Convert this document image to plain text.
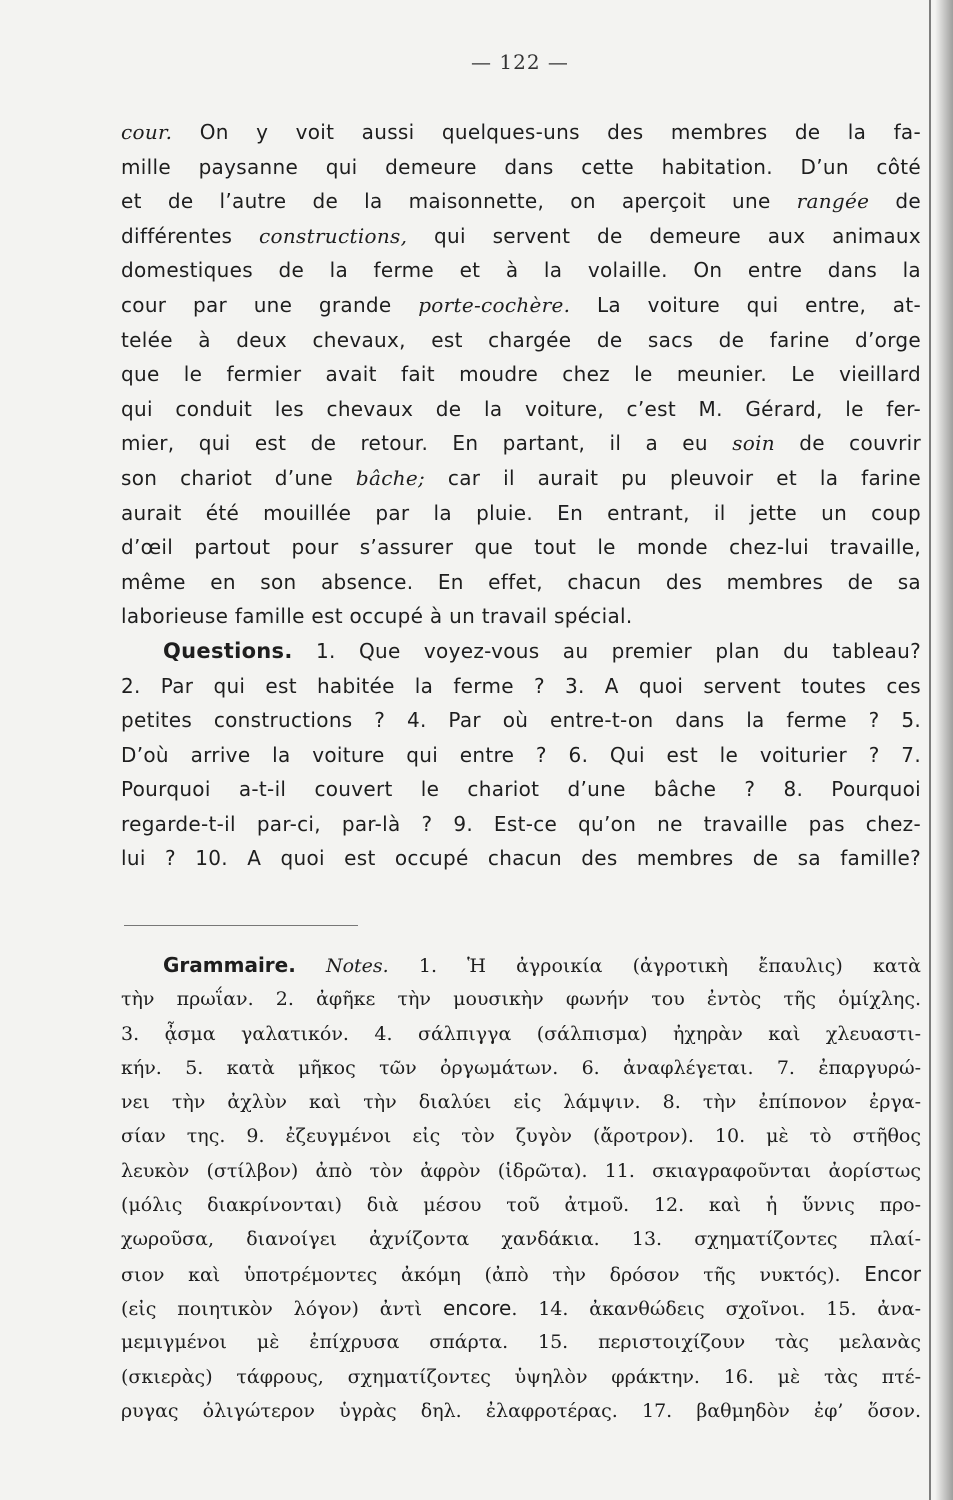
— 122 —
cour. On y voit aussi quelques-uns des membres de la fa-
mille paysanne qui demeure dans cette habitation. D’un côté
et de l’autre de la maisonnette, on aperçoit une rangée de
différentes constructions, qui servent de demeure aux animaux
domestiques de la ferme et à la volaille. On entre dans la
cour par une grande porte-cochère. La voiture qui entre, at-
telée à deux chevaux, est chargée de sacs de farine d’orge
que le fermier avait fait moudre chez le meunier. Le vieillard
qui conduit les chevaux de la voiture, c’est M. Gérard, le fer-
mier, qui est de retour. En partant, il a eu soin de couvrir
son chariot d’une bâche; car il aurait pu pleuvoir et la farine
aurait été mouillée par la pluie. En entrant, il jette un coup
d’œil partout pour s’assurer que tout le monde chez-lui travaille,
même en son absence. En effet, chacun des membres de sa
laborieuse famille est occupé à un travail spécial.
Questions. 1. Que voyez-vous au premier plan du tableau?
2. Par qui est habitée la ferme ? 3. A quoi servent toutes ces
petites constructions ? 4. Par où entre-t-on dans la ferme ? 5.
D’où arrive la voiture qui entre ? 6. Qui est le voiturier ? 7.
Pourquoi a-t-il couvert le chariot d’une bâche ? 8. Pourquoi
regarde-t-il par-ci, par-là ? 9. Est-ce qu’on ne travaille pas chez-
lui ? 10. A quoi est occupé chacun des membres de sa famille?
Grammaire. Notes. 1. Ἡ ἀγροικία (ἀγροτικὴ ἔπαυλις) κατὰ
τὴν πρωΐαν. 2. ἀφῆκε τὴν μουσικὴν φωνήν του ἐντὸς τῆς ὁμίχλης.
3. ᾆσμα γαλατικόν. 4. σάλπιγγα (σάλπισμα) ἠχηρὰν καὶ χλευαστι-
κήν. 5. κατὰ μῆκος τῶν ὀργωμάτων. 6. ἀναφλέγεται. 7. ἐπαργυρώ-
νει τὴν ἀχλὺν καὶ τὴν διαλύει εἰς λάμψιν. 8. τὴν ἐπίπονον ἐργα-
σίαν της. 9. ἐζευγμένοι εἰς τὸν ζυγὸν (ἄροτρον). 10. μὲ τὸ στῆθος
λευκὸν (στίλβον) ἀπὸ τὸν ἀφρὸν (ἱδρῶτα). 11. σκιαγραφοῦνται ἀορίστως
(μόλις διακρίνονται) διὰ μέσου τοῦ ἀτμοῦ. 12. καὶ ἡ ὕννις προ-
χωροῦσα, διανοίγει ἀχνίζοντα χανδάκια. 13. σχηματίζοντες πλαί-
σιον καὶ ὑποτρέμοντες ἀκόμη (ἀπὸ τὴν δρόσον τῆς νυκτός). Encor
(εἰς ποιητικὸν λόγον) ἀντὶ encore. 14. ἀκανθώδεις σχοῖνοι. 15. ἀνα-
μεμιγμένοι μὲ ἐπίχρυσα σπάρτα. 15. περιστοιχίζουν τὰς μελανὰς
(σκιερὰς) τάφρους, σχηματίζοντες ὑψηλὸν φράκτην. 16. μὲ τὰς πτέ-
ρυγας ὀλιγώτερον ὑγρὰς δηλ. ἐλαφροτέρας. 17. βαθμηδὸν ἐφ’ ὅσον.
